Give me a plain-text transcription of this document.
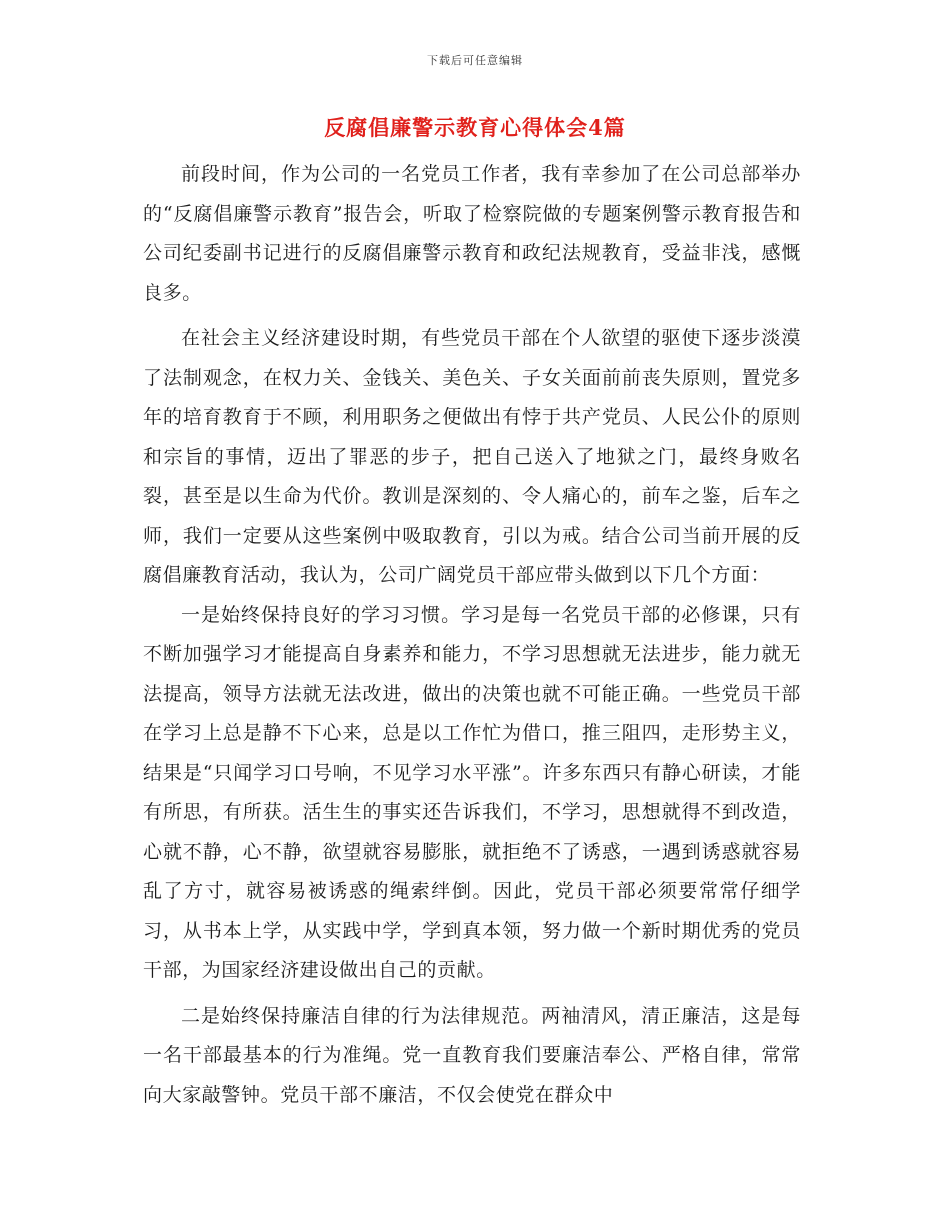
下载后可任意编辑
反腐倡廉警示教育心得体会4篇

前段时间，作为公司的一名党员工作者，我有幸参加了在公司总部举办的“反腐倡廉警示教育”报告会，听取了检察院做的专题案例警示教育报告和公司纪委副书记进行的反腐倡廉警示教育和政纪法规教育，受益非浅，感慨良多。

在社会主义经济建设时期，有些党员干部在个人欲望的驱使下逐步淡漠了法制观念，在权力关、金钱关、美色关、子女关面前前丧失原则，置党多年的培育教育于不顾，利用职务之便做出有悖于共产党员、人民公仆的原则和宗旨的事情，迈出了罪恶的步子，把自己送入了地狱之门，最终身败名裂，甚至是以生命为代价。教训是深刻的、令人痛心的，前车之鉴，后车之师，我们一定要从这些案例中吸取教育，引以为戒。结合公司当前开展的反腐倡廉教育活动，我认为，公司广阔党员干部应带头做到以下几个方面：

一是始终保持良好的学习习惯。学习是每一名党员干部的必修课，只有不断加强学习才能提高自身素养和能力，不学习思想就无法进步，能力就无法提高，领导方法就无法改进，做出的决策也就不可能正确。一些党员干部在学习上总是静不下心来，总是以工作忙为借口，推三阻四，走形势主义，结果是“只闻学习口号响，不见学习水平涨”。许多东西只有静心研读，才能有所思，有所获。活生生的事实还告诉我们，不学习，思想就得不到改造，心就不静，心不静，欲望就容易膨胀，就拒绝不了诱惑，一遇到诱惑就容易乱了方寸，就容易被诱惑的绳索绊倒。因此，党员干部必须要常常仔细学习，从书本上学，从实践中学，学到真本领，努力做一个新时期优秀的党员干部，为国家经济建设做出自己的贡献。

二是始终保持廉洁自律的行为法律规范。两袖清风，清正廉洁，这是每一名干部最基本的行为准绳。党一直教育我们要廉洁奉公、严格自律，常常向大家敲警钟。党员干部不廉洁，不仅会使党在群众中
